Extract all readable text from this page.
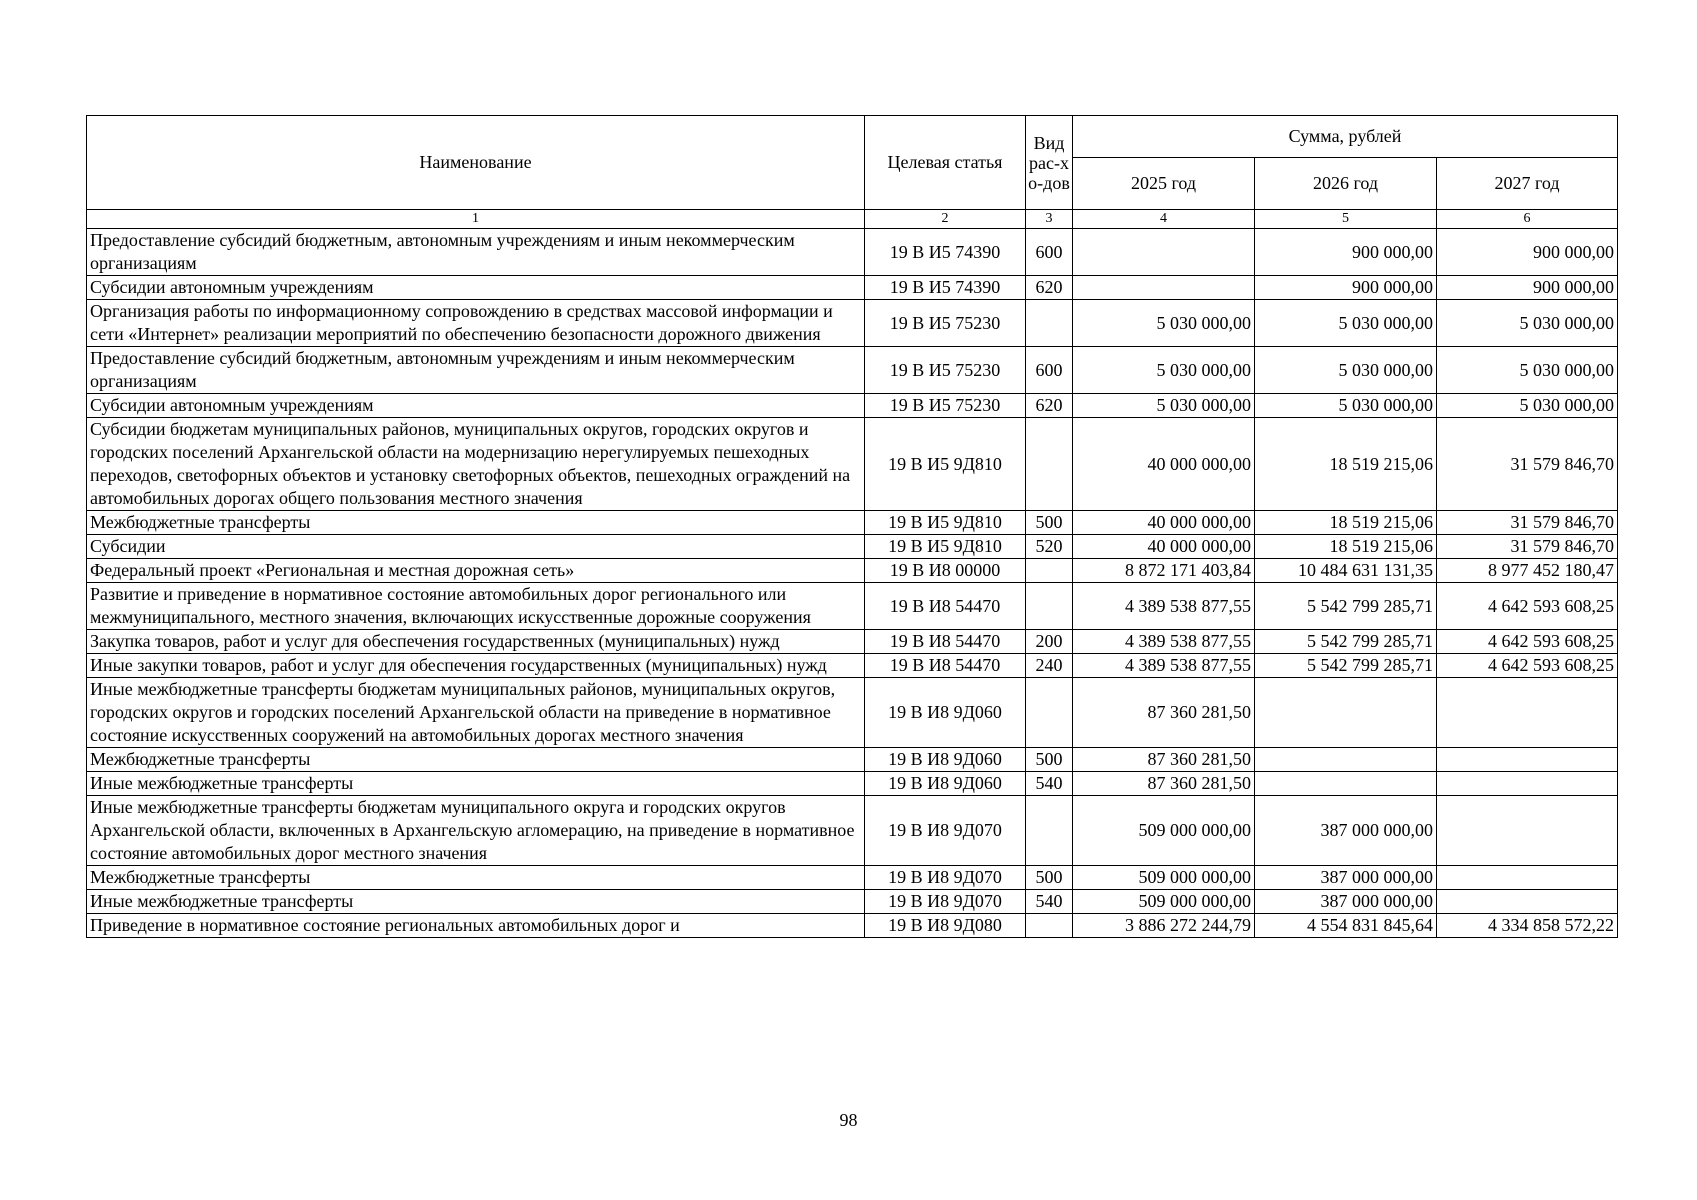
Наименование	Целевая статья	Вид рас-хо-дов	Сумма, рублей		
			2025 год	2026 год	2027 год
1	2	3	4	5	6
Предоставление субсидий бюджетным, автономным учреждениям и иным некоммерческим организациям	19 В И5 74390	600		900 000,00	900 000,00
Субсидии автономным учреждениям	19 В И5 74390	620		900 000,00	900 000,00
Организация работы по информационному сопровождению в средствах массовой информации и сети «Интернет» реализации мероприятий по обеспечению безопасности дорожного движения	19 В И5 75230		5 030 000,00	5 030 000,00	5 030 000,00
Предоставление субсидий бюджетным, автономным учреждениям и иным некоммерческим организациям	19 В И5 75230	600	5 030 000,00	5 030 000,00	5 030 000,00
Субсидии автономным учреждениям	19 В И5 75230	620	5 030 000,00	5 030 000,00	5 030 000,00
Субсидии бюджетам муниципальных районов, муниципальных округов, городских округов и городских поселений Архангельской области на модернизацию нерегулируемых пешеходных переходов, светофорных объектов и установку светофорных объектов, пешеходных ограждений на автомобильных дорогах общего пользования местного значения	19 В И5 9Д810		40 000 000,00	18 519 215,06	31 579 846,70
Межбюджетные трансферты	19 В И5 9Д810	500	40 000 000,00	18 519 215,06	31 579 846,70
Субсидии	19 В И5 9Д810	520	40 000 000,00	18 519 215,06	31 579 846,70
Федеральный проект «Региональная и местная дорожная сеть»	19 В И8 00000		8 872 171 403,84	10 484 631 131,35	8 977 452 180,47
Развитие и приведение в нормативное состояние автомобильных дорог регионального или межмуниципального, местного значения, включающих искусственные дорожные сооружения	19 В И8 54470		4 389 538 877,55	5 542 799 285,71	4 642 593 608,25
Закупка товаров, работ и услуг для обеспечения государственных (муниципальных) нужд	19 В И8 54470	200	4 389 538 877,55	5 542 799 285,71	4 642 593 608,25
Иные закупки товаров, работ и услуг для обеспечения государственных (муниципальных) нужд	19 В И8 54470	240	4 389 538 877,55	5 542 799 285,71	4 642 593 608,25
Иные межбюджетные трансферты бюджетам муниципальных районов, муниципальных округов, городских округов и городских поселений Архангельской области на приведение в нормативное состояние искусственных сооружений на автомобильных дорогах местного значения	19 В И8 9Д060		87 360 281,50		
Межбюджетные трансферты	19 В И8 9Д060	500	87 360 281,50		
Иные межбюджетные трансферты	19 В И8 9Д060	540	87 360 281,50		
Иные межбюджетные трансферты бюджетам муниципального округа и городских округов Архангельской области, включенных в Архангельскую агломерацию, на приведение в нормативное состояние автомобильных дорог местного значения	19 В И8 9Д070		509 000 000,00	387 000 000,00	
Межбюджетные трансферты	19 В И8 9Д070	500	509 000 000,00	387 000 000,00	
Иные межбюджетные трансферты	19 В И8 9Д070	540	509 000 000,00	387 000 000,00	
Приведение в нормативное состояние региональных автомобильных дорог и	19 В И8 9Д080		3 886 272 244,79	4 554 831 845,64	4 334 858 572,22
98
